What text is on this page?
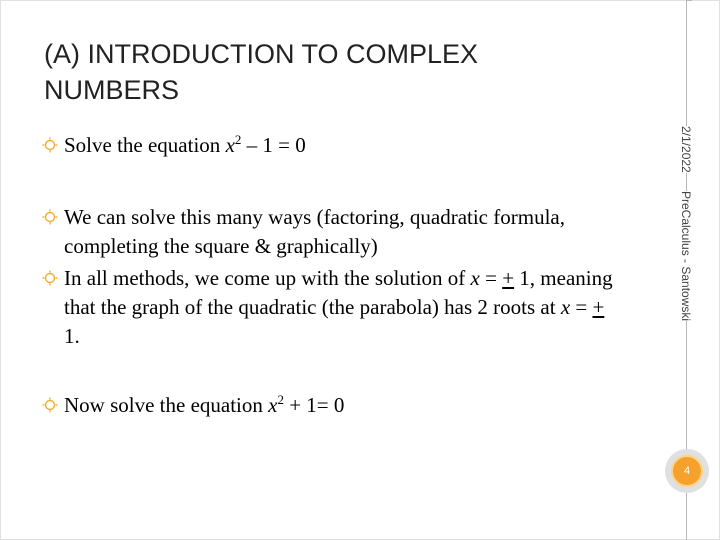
(A) INTRODUCTION TO COMPLEX
NUMBERS
2/1/2022
PreCalculus - Santowski
Solve the equation $x^2 - 1 = 0$
We can solve this many ways (factoring, quadratic formula, completing the square & graphically)
In all methods, we come up with the solution of x = + 1, meaning that the graph of the quadratic (the parabola) has 2 roots at x = + 1.
Now solve the equation $x^2 + 1= 0$
4
